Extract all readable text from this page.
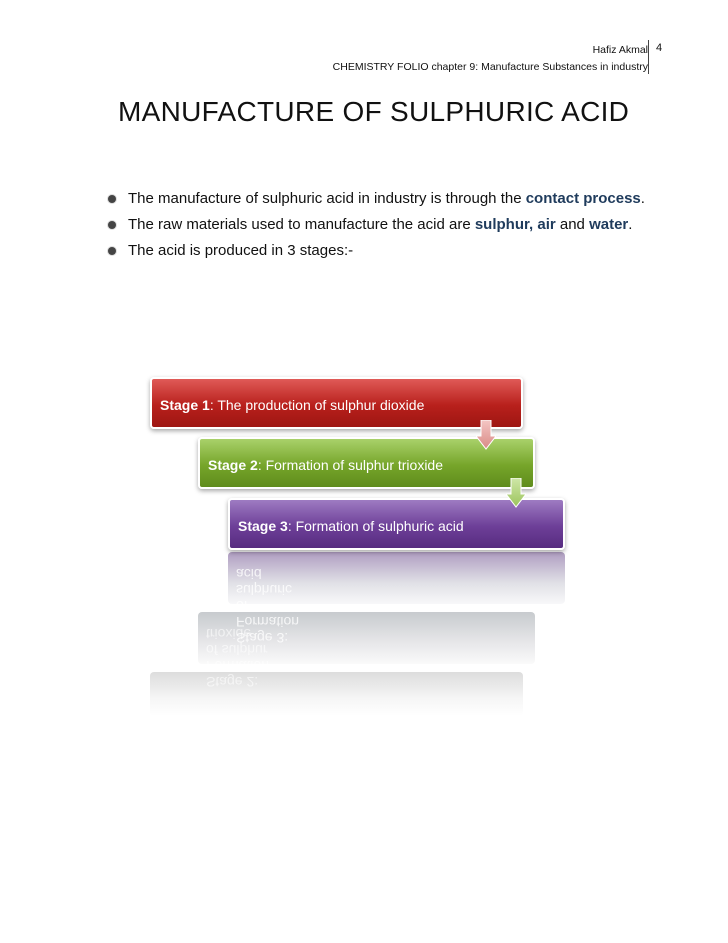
Hafiz Akmal
CHEMISTRY FOLIO chapter 9: Manufacture Substances in industry
4
MANUFACTURE OF SULPHURIC ACID
The manufacture of sulphuric acid in industry is through the contact process.
The raw materials used to manufacture the acid are sulphur, air and water.
The acid is produced in 3 stages:-
Stage 3: Formation of sulphuric acid
Stage 2: Formation of sulphur trioxide
Stage 1: The production of sulphur dioxide
Stage 2: Formation of sulphur trioxide
Stage 3: Formation of sulphuric acid
